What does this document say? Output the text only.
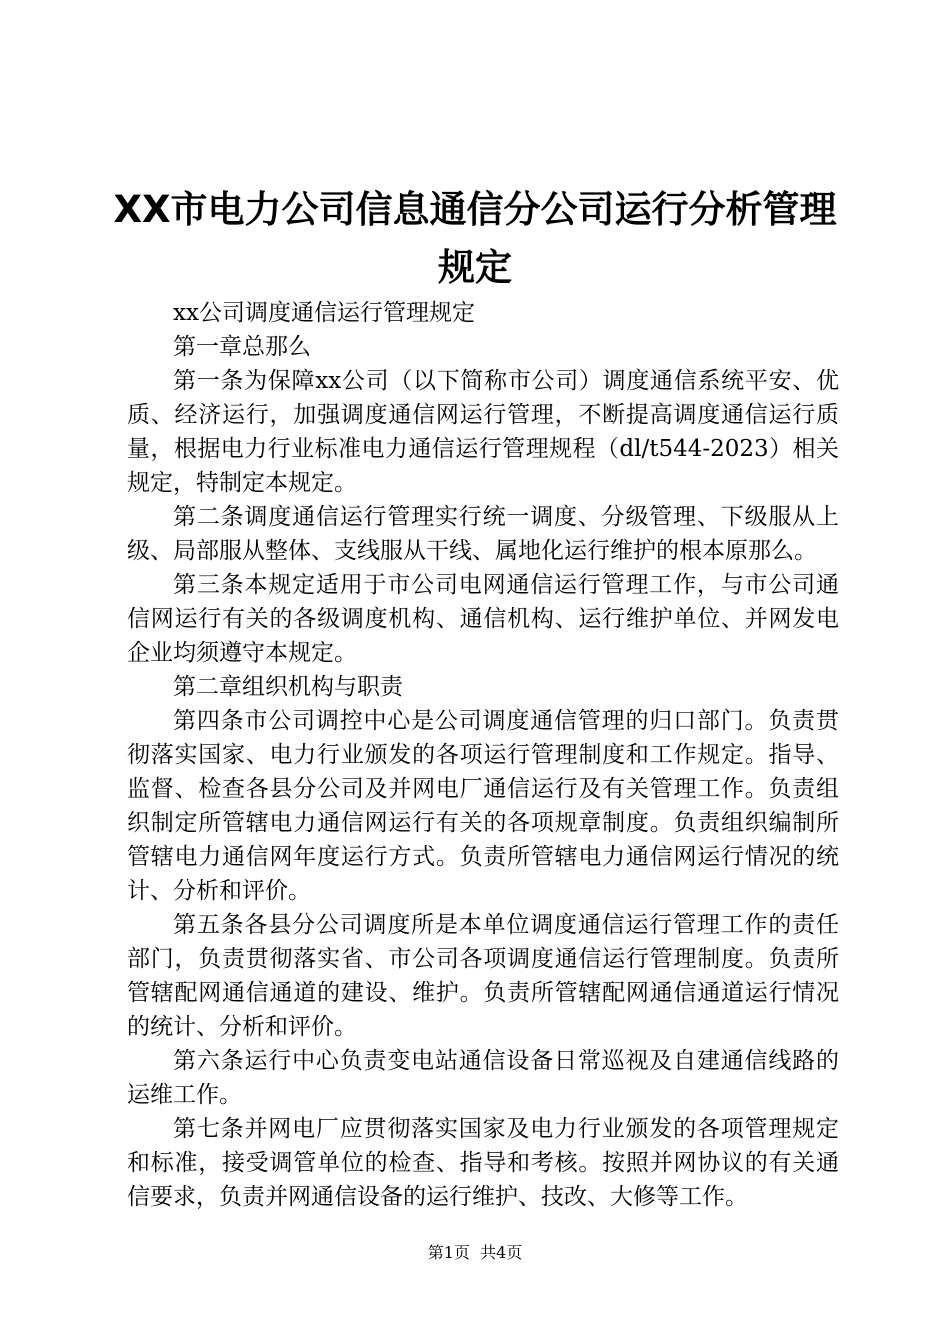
XX市电力公司信息通信分公司运行分析管理
规定

xx公司调度通信运行管理规定

第一章总那么

第一条为保障xx公司（以下简称市公司）调度通信系统平安、优质、经济运行，加强调度通信网运行管理，不断提高调度通信运行质量，根据电力行业标准电力通信运行管理规程（dl/t544-2023）相关规定，特制定本规定。

第二条调度通信运行管理实行统一调度、分级管理、下级服从上级、局部服从整体、支线服从干线、属地化运行维护的根本原那么。

第三条本规定适用于市公司电网通信运行管理工作，与市公司通信网运行有关的各级调度机构、通信机构、运行维护单位、并网发电企业均须遵守本规定。

第二章组织机构与职责

第四条市公司调控中心是公司调度通信管理的归口部门。负责贯彻落实国家、电力行业颁发的各项运行管理制度和工作规定。指导、监督、检查各县分公司及并网电厂通信运行及有关管理工作。负责组织制定所管辖电力通信网运行有关的各项规章制度。负责组织编制所管辖电力通信网年度运行方式。负责所管辖电力通信网运行情况的统计、分析和评价。

第五条各县分公司调度所是本单位调度通信运行管理工作的责任部门，负责贯彻落实省、市公司各项调度通信运行管理制度。负责所管辖配网通信通道的建设、维护。负责所管辖配网通信通道运行情况的统计、分析和评价。

第六条运行中心负责变电站通信设备日常巡视及自建通信线路的运维工作。

第七条并网电厂应贯彻落实国家及电力行业颁发的各项管理规定和标准，接受调管单位的检查、指导和考核。按照并网协议的有关通信要求，负责并网通信设备的运行维护、技改、大修等工作。

第1页 共4页
